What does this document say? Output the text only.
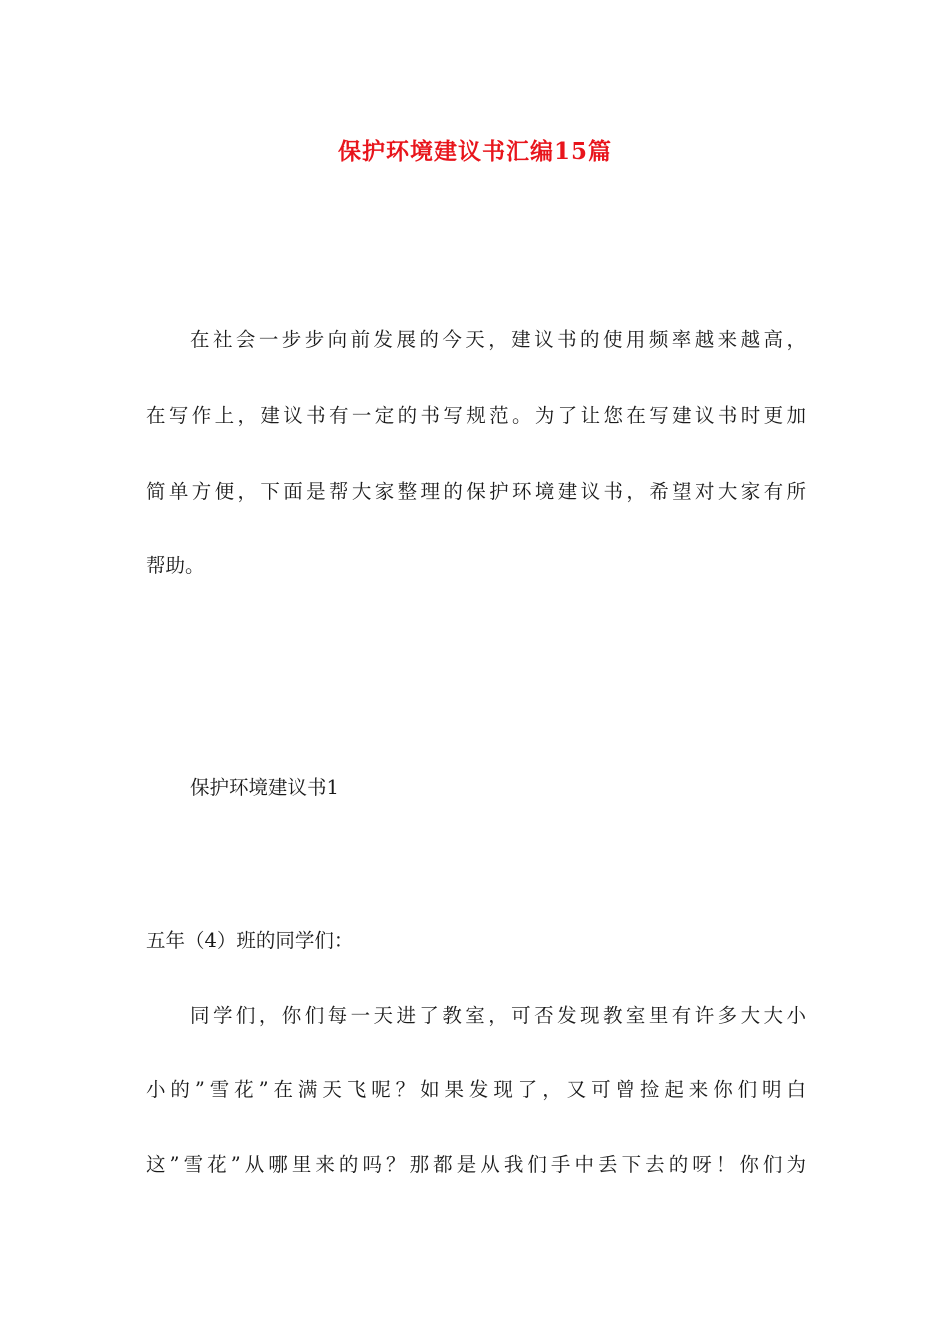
保护环境建议书汇编15篇

在社会一步步向前发展的今天，建议书的使用频率越来越高，

在写作上，建议书有一定的书写规范。为了让您在写建议书时更加

简单方便，下面是帮大家整理的保护环境建议书，希望对大家有所

帮助。

保护环境建议书1

五年（4）班的同学们：

同学们，你们每一天进了教室，可否发现教室里有许多大大小

小的”雪花”在满天飞呢？如果发现了，又可曾捡起来你们明白

这”雪花”从哪里来的吗？那都是从我们手中丢下去的呀！你们为
